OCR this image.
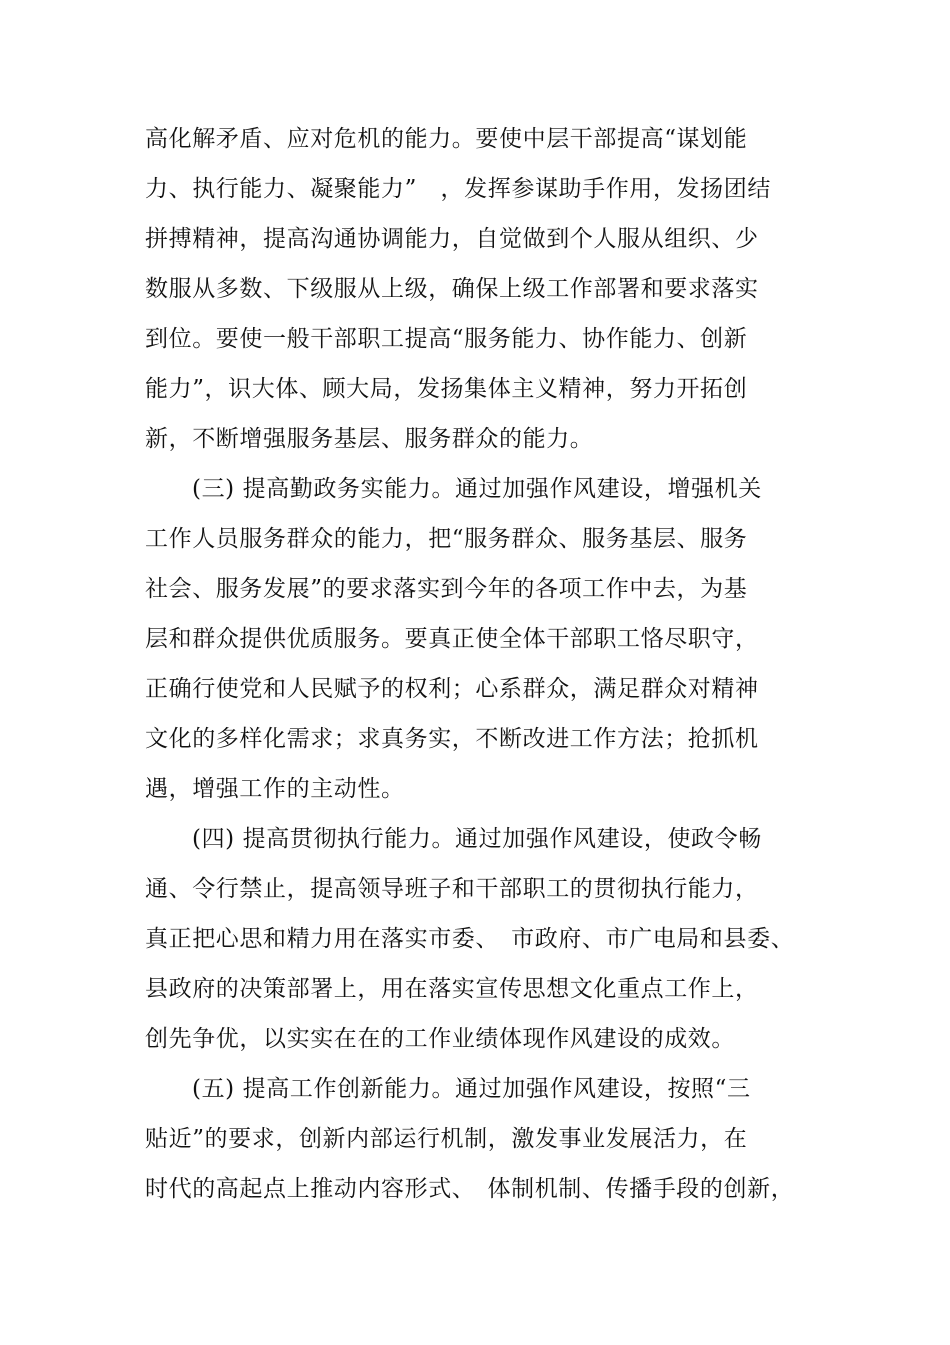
高化解矛盾、应对危机的能力。要使中层干部提高“谋划能
力、执行能力、凝聚能力”　，发挥参谋助手作用，发扬团结
拼搏精神，提高沟通协调能力，自觉做到个人服从组织、少
数服从多数、下级服从上级，确保上级工作部署和要求落实
到位。要使一般干部职工提高“服务能力、协作能力、创新
能力”，识大体、顾大局，发扬集体主义精神，努力开拓创
新，不断增强服务基层、服务群众的能力。
(三) 提高勤政务实能力。通过加强作风建设，增强机关
工作人员服务群众的能力，把“服务群众、服务基层、服务
社会、服务发展”的要求落实到今年的各项工作中去，为基
层和群众提供优质服务。要真正使全体干部职工恪尽职守，
正确行使党和人民赋予的权利；心系群众，满足群众对精神
文化的多样化需求；求真务实，不断改进工作方法；抢抓机
遇，增强工作的主动性。
(四) 提高贯彻执行能力。通过加强作风建设，使政令畅
通、令行禁止，提高领导班子和干部职工的贯彻执行能力，
真正把心思和精力用在落实市委、　市政府、市广电局和县委、
县政府的决策部署上，用在落实宣传思想文化重点工作上，
创先争优，以实实在在的工作业绩体现作风建设的成效。
(五) 提高工作创新能力。通过加强作风建设，按照“三
贴近”的要求，创新内部运行机制，激发事业发展活力，在
时代的高起点上推动内容形式、　体制机制、传播手段的创新，
